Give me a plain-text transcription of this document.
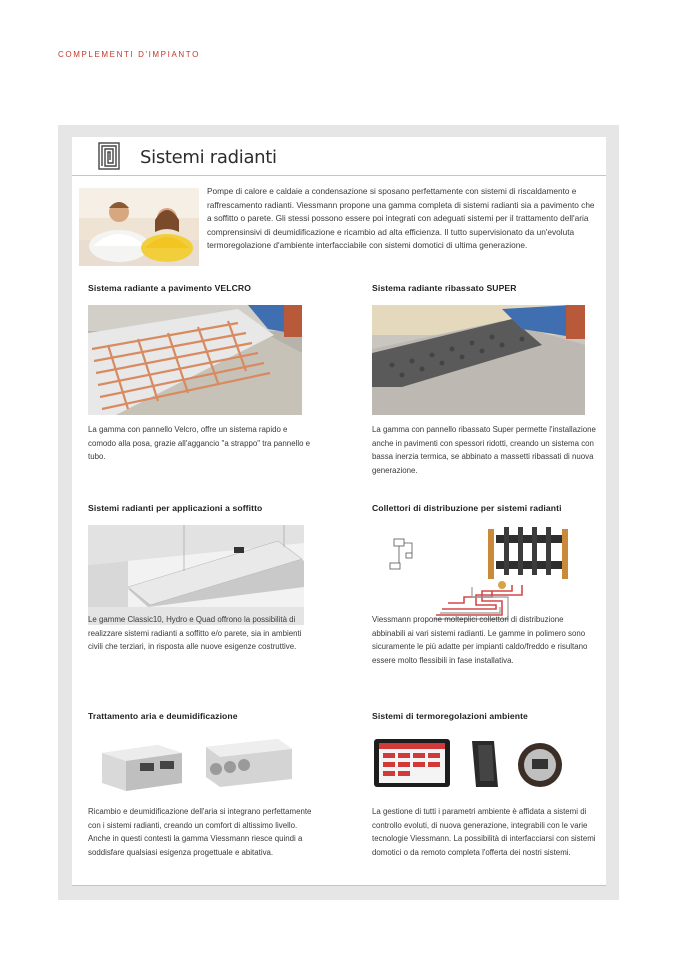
COMPLEMENTI D'IMPIANTO
Sistemi radianti
Pompe di calore e caldaie a condensazione si sposano perfettamente con sistemi di riscaldamento e raffrescamento radianti. Viessmann propone una gamma completa di sistemi radianti sia a pavimento che a soffitto o parete. Gli stessi possono essere poi integrati con adeguati sistemi per il trattamento dell'aria comprensinsivi di deumidificazione e ricambio ad alta efficienza. Il tutto supervisionato da un'evoluta termoregolazione d'ambiente interfacciabile con sistemi domotici di ultima generazione.
Sistema radiante a pavimento VELCRO

La gamma con pannello Velcro, offre un sistema rapido e comodo alla posa, grazie all'aggancio "a strappo" tra pannello e tubo.

Sistema radiante ribassato SUPER

La gamma con pannello ribassato Super permette l'installazione anche in pavimenti con spessori ridotti, creando un sistema con bassa inerzia termica, se abbinato a massetti ribassati di nuova generazione.

Sistemi radianti per applicazioni a soffitto

Le gamme Classic10, Hydro e Quad offrono la possibilità di realizzare sistemi radianti a soffitto e/o parete, sia in ambienti civili che terziari, in risposta alle nuove esigenze costruttive.

Collettori di distribuzione per sistemi radianti

Viessmann propone molteplici collettori di distribuzione abbinabili ai vari sistemi radianti. Le gamme in polimero sono sicuramente le più adatte per impianti caldo/freddo e risultano essere molto flessibili in fase installativa.

Trattamento aria e deumidificazione

Ricambio e deumidificazione dell'aria si integrano perfettamente con i sistemi radianti, creando un comfort di altissimo livello. Anche in questi contesti la gamma Viessmann riesce quindi a soddisfare qualsiasi esigenza progettuale e abitativa.

Sistemi di termoregolazioni ambiente

La gestione di tutti i parametri ambiente è affidata a sistemi di controllo evoluti, di nuova generazione, integrabili con le varie tecnologie Viessmann. La possibilità di interfacciarsi con sistemi domotici o da remoto completa l'offerta dei nostri sistemi.
